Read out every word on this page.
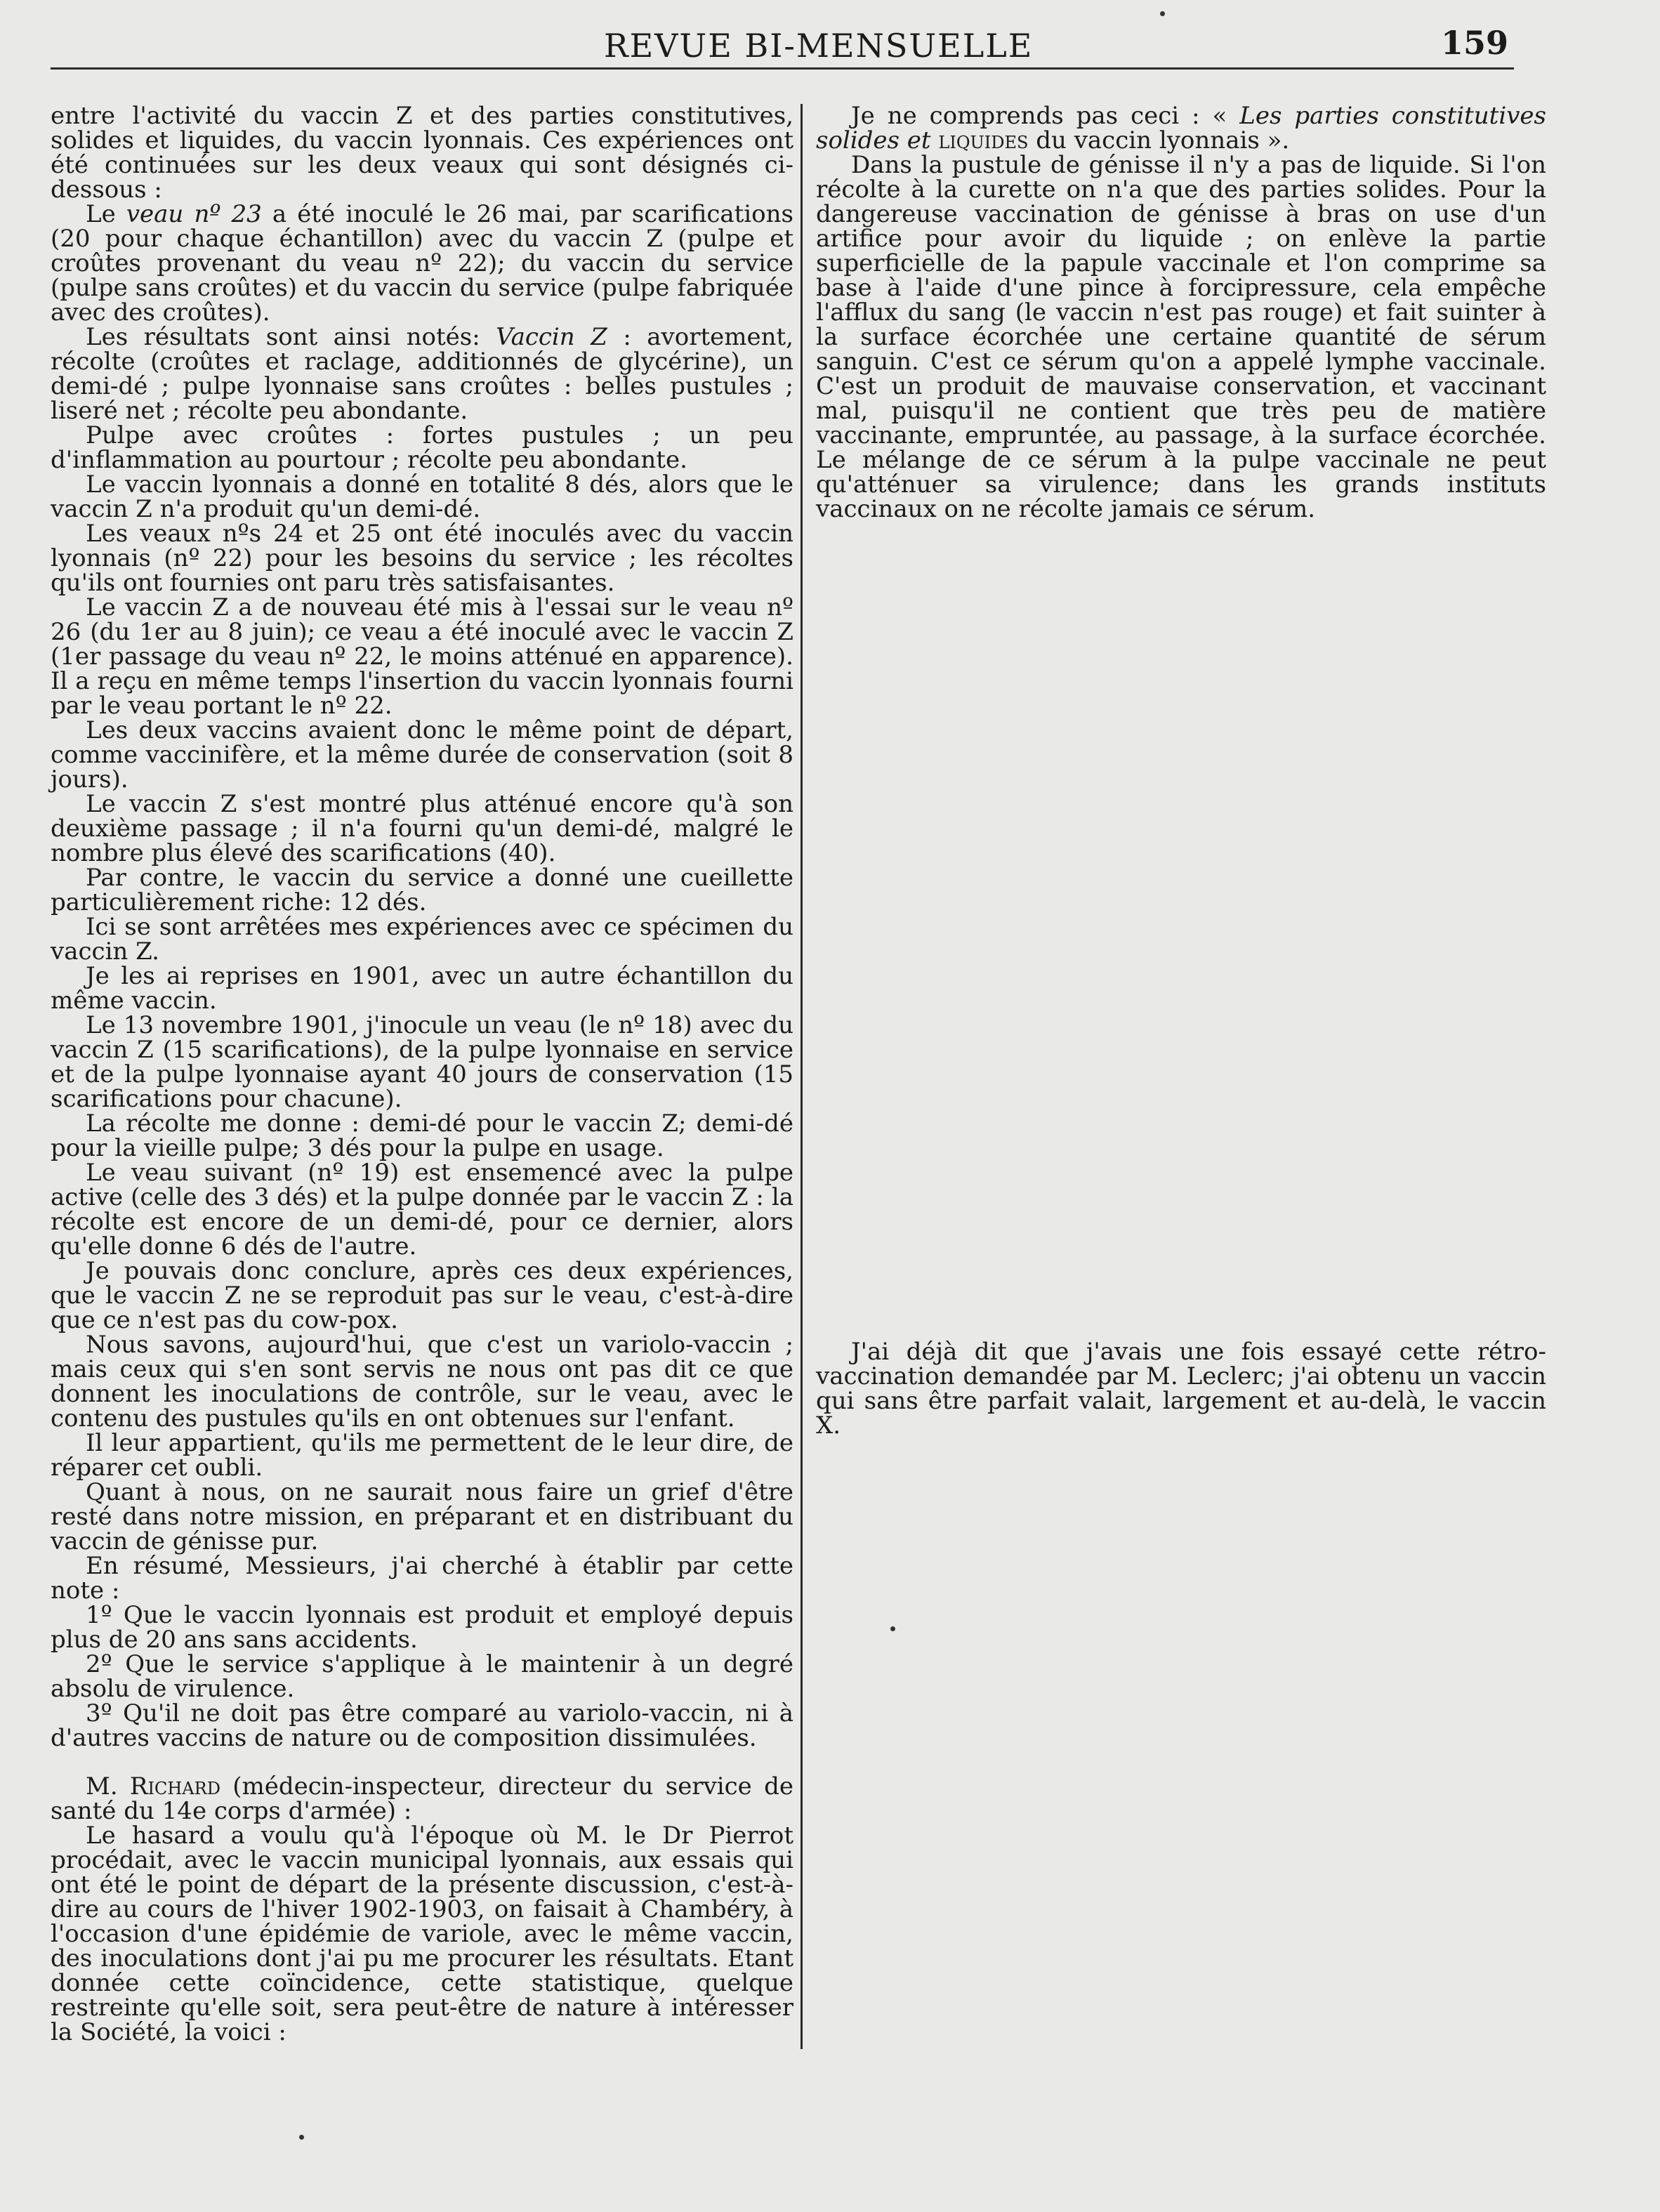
REVUE BI-MENSUELLE	159

entre l'activité du vaccin Z et des parties constitutives, solides et liquides, du vaccin lyonnais. Ces expériences ont été continuées sur les deux veaux qui sont désignés ci-dessous :

Le veau nº 23 a été inoculé le 26 mai, par scarifications (20 pour chaque échantillon) avec du vaccin Z (pulpe et croûtes provenant du veau nº 22); du vaccin du service (pulpe sans croûtes) et du vaccin du service (pulpe fabriquée avec des croûtes).

Les résultats sont ainsi notés: Vaccin Z : avortement, récolte (croûtes et raclage, additionnés de glycérine), un demi-dé ; pulpe lyonnaise sans croûtes : belles pustules ; liseré net ; récolte peu abondante.

Pulpe avec croûtes : fortes pustules ; un peu d'inflammation au pourtour ; récolte peu abondante.

Le vaccin lyonnais a donné en totalité 8 dés, alors que le vaccin Z n'a produit qu'un demi-dé.

Les veaux nºs 24 et 25 ont été inoculés avec du vaccin lyonnais (nº 22) pour les besoins du service ; les récoltes qu'ils ont fournies ont paru très satisfaisantes.

Le vaccin Z a de nouveau été mis à l'essai sur le veau nº 26 (du 1er au 8 juin); ce veau a été inoculé avec le vaccin Z (1er passage du veau nº 22, le moins atténué en apparence). Il a reçu en même temps l'insertion du vaccin lyonnais fourni par le veau portant le nº 22.

Les deux vaccins avaient donc le même point de départ, comme vaccinifère, et la même durée de conservation (soit 8 jours).

Le vaccin Z s'est montré plus atténué encore qu'à son deuxième passage ; il n'a fourni qu'un demi-dé, malgré le nombre plus élevé des scarifications (40).

Par contre, le vaccin du service a donné une cueillette particulièrement riche: 12 dés.

Ici se sont arrêtées mes expériences avec ce spécimen du vaccin Z.

Je les ai reprises en 1901, avec un autre échantillon du même vaccin.

Le 13 novembre 1901, j'inocule un veau (le nº 18) avec du vaccin Z (15 scarifications), de la pulpe lyonnaise en service et de la pulpe lyonnaise ayant 40 jours de conservation (15 scarifications pour chacune).

La récolte me donne : demi-dé pour le vaccin Z; demi-dé pour la vieille pulpe; 3 dés pour la pulpe en usage.

Le veau suivant (nº 19) est ensemencé avec la pulpe active (celle des 3 dés) et la pulpe donnée par le vaccin Z : la récolte est encore de un demi-dé, pour ce dernier, alors qu'elle donne 6 dés de l'autre.

Je pouvais donc conclure, après ces deux expériences, que le vaccin Z ne se reproduit pas sur le veau, c'est-à-dire que ce n'est pas du cow-pox.

Nous savons, aujourd'hui, que c'est un variolo-vaccin ; mais ceux qui s'en sont servis ne nous ont pas dit ce que donnent les inoculations de contrôle, sur le veau, avec le contenu des pustules qu'ils en ont obtenues sur l'enfant.

Il leur appartient, qu'ils me permettent de le leur dire, de réparer cet oubli.

Quant à nous, on ne saurait nous faire un grief d'être resté dans notre mission, en préparant et en distribuant du vaccin de génisse pur.

En résumé, Messieurs, j'ai cherché à établir par cette note :

1º Que le vaccin lyonnais est produit et employé depuis plus de 20 ans sans accidents.

2º Que le service s'applique à le maintenir à un degré absolu de virulence.

3º Qu'il ne doit pas être comparé au variolo-vaccin, ni à d'autres vaccins de nature ou de composition dissimulées.

M. Richard (médecin-inspecteur, directeur du service de santé du 14e corps d'armée) :

Le hasard a voulu qu'à l'époque où M. le Dr Pierrot procédait, avec le vaccin municipal lyonnais, aux essais qui ont été le point de départ de la présente discussion, c'est-à-dire au cours de l'hiver 1902-1903, on faisait à Chambéry, à l'occasion d'une épidémie de variole, avec le même vaccin, des inoculations dont j'ai pu me procurer les résultats. Etant donnée cette coïncidence, cette statistique, quelque restreinte qu'elle soit, sera peut-être de nature à intéresser la Société, la voici :

Je ne comprends pas ceci : « Les parties constitutives solides et liquides du vaccin lyonnais ».

Dans la pustule de génisse il n'y a pas de liquide. Si l'on récolte à la curette on n'a que des parties solides. Pour la dangereuse vaccination de génisse à bras on use d'un artifice pour avoir du liquide ; on enlève la partie superficielle de la papule vaccinale et l'on comprime sa base à l'aide d'une pince à forcipressure, cela empêche l'afflux du sang (le vaccin n'est pas rouge) et fait suinter à la surface écorchée une certaine quantité de sérum sanguin. C'est ce sérum qu'on a appelé lymphe vaccinale. C'est un produit de mauvaise conservation, et vaccinant mal, puisqu'il ne contient que très peu de matière vaccinante, empruntée, au passage, à la surface écorchée. Le mélange de ce sérum à la pulpe vaccinale ne peut qu'atténuer sa virulence; dans les grands instituts vaccinaux on ne récolte jamais ce sérum.

J'ai déjà dit que j'avais une fois essayé cette rétro-vaccination demandée par M. Leclerc; j'ai obtenu un vaccin qui sans être parfait valait, largement et au-delà, le vaccin X.
